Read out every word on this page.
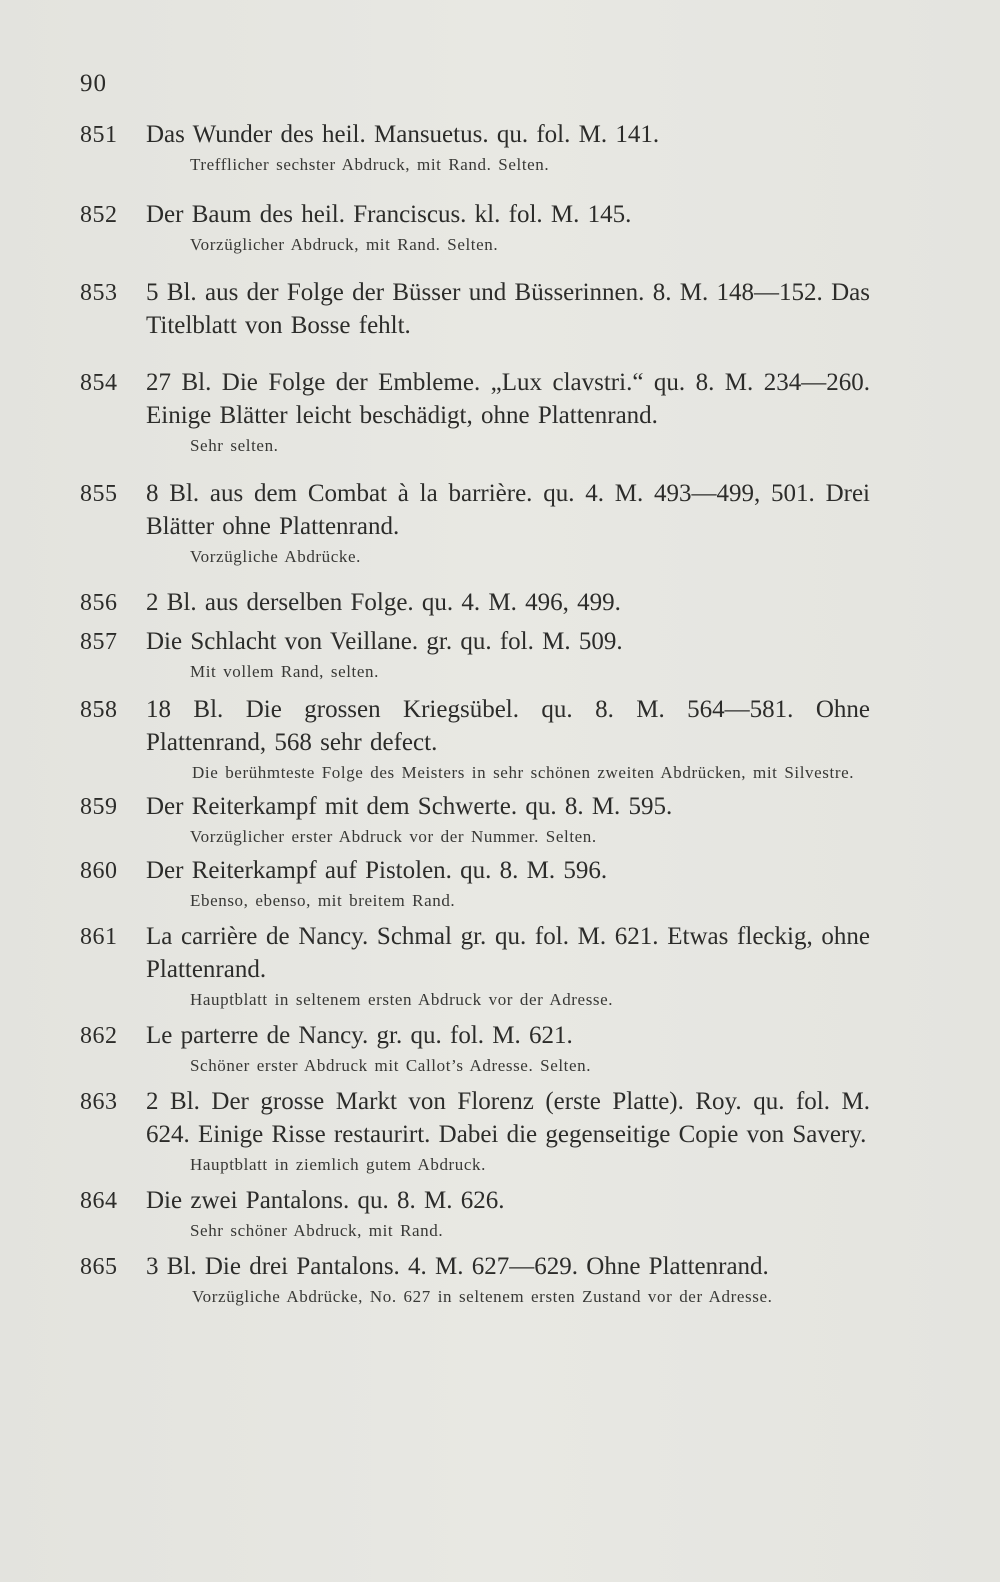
90
851 Das Wunder des heil. Mansuetus. qu. fol. M. 141.
Trefflicher sechster Abdruck, mit Rand. Selten.
852 Der Baum des heil. Franciscus. kl. fol. M. 145.
Vorzüglicher Abdruck, mit Rand. Selten.
853 5 Bl. aus der Folge der Büsser und Büsserinnen. 8. M. 148—152. Das Titelblatt von Bosse fehlt.
854 27 Bl. Die Folge der Embleme. „Lux clavstri.“ qu. 8. M. 234—260. Einige Blätter leicht beschädigt, ohne Plattenrand.
Sehr selten.
855 8 Bl. aus dem Combat à la barrière. qu. 4. M. 493—499, 501. Drei Blätter ohne Plattenrand.
Vorzügliche Abdrücke.
856 2 Bl. aus derselben Folge. qu. 4. M. 496, 499.
857 Die Schlacht von Veillane. gr. qu. fol. M. 509.
Mit vollem Rand, selten.
858 18 Bl. Die grossen Kriegsübel. qu. 8. M. 564—581. Ohne Plattenrand, 568 sehr defect.
Die berühmteste Folge des Meisters in sehr schönen zweiten Abdrücken, mit Silvestre.
859 Der Reiterkampf mit dem Schwerte. qu. 8. M. 595.
Vorzüglicher erster Abdruck vor der Nummer. Selten.
860 Der Reiterkampf auf Pistolen. qu. 8. M. 596.
Ebenso, ebenso, mit breitem Rand.
861 La carrière de Nancy. Schmal gr. qu. fol. M. 621. Etwas fleckig, ohne Plattenrand.
Hauptblatt in seltenem ersten Abdruck vor der Adresse.
862 Le parterre de Nancy. gr. qu. fol. M. 621.
Schöner erster Abdruck mit Callot’s Adresse. Selten.
863 2 Bl. Der grosse Markt von Florenz (erste Platte). Roy. qu. fol. M. 624. Einige Risse restaurirt. Dabei die gegenseitige Copie von Savery.
Hauptblatt in ziemlich gutem Abdruck.
864 Die zwei Pantalons. qu. 8. M. 626.
Sehr schöner Abdruck, mit Rand.
865 3 Bl. Die drei Pantalons. 4. M. 627—629. Ohne Plattenrand.
Vorzügliche Abdrücke, No. 627 in seltenem ersten Zustand vor der Adresse.
